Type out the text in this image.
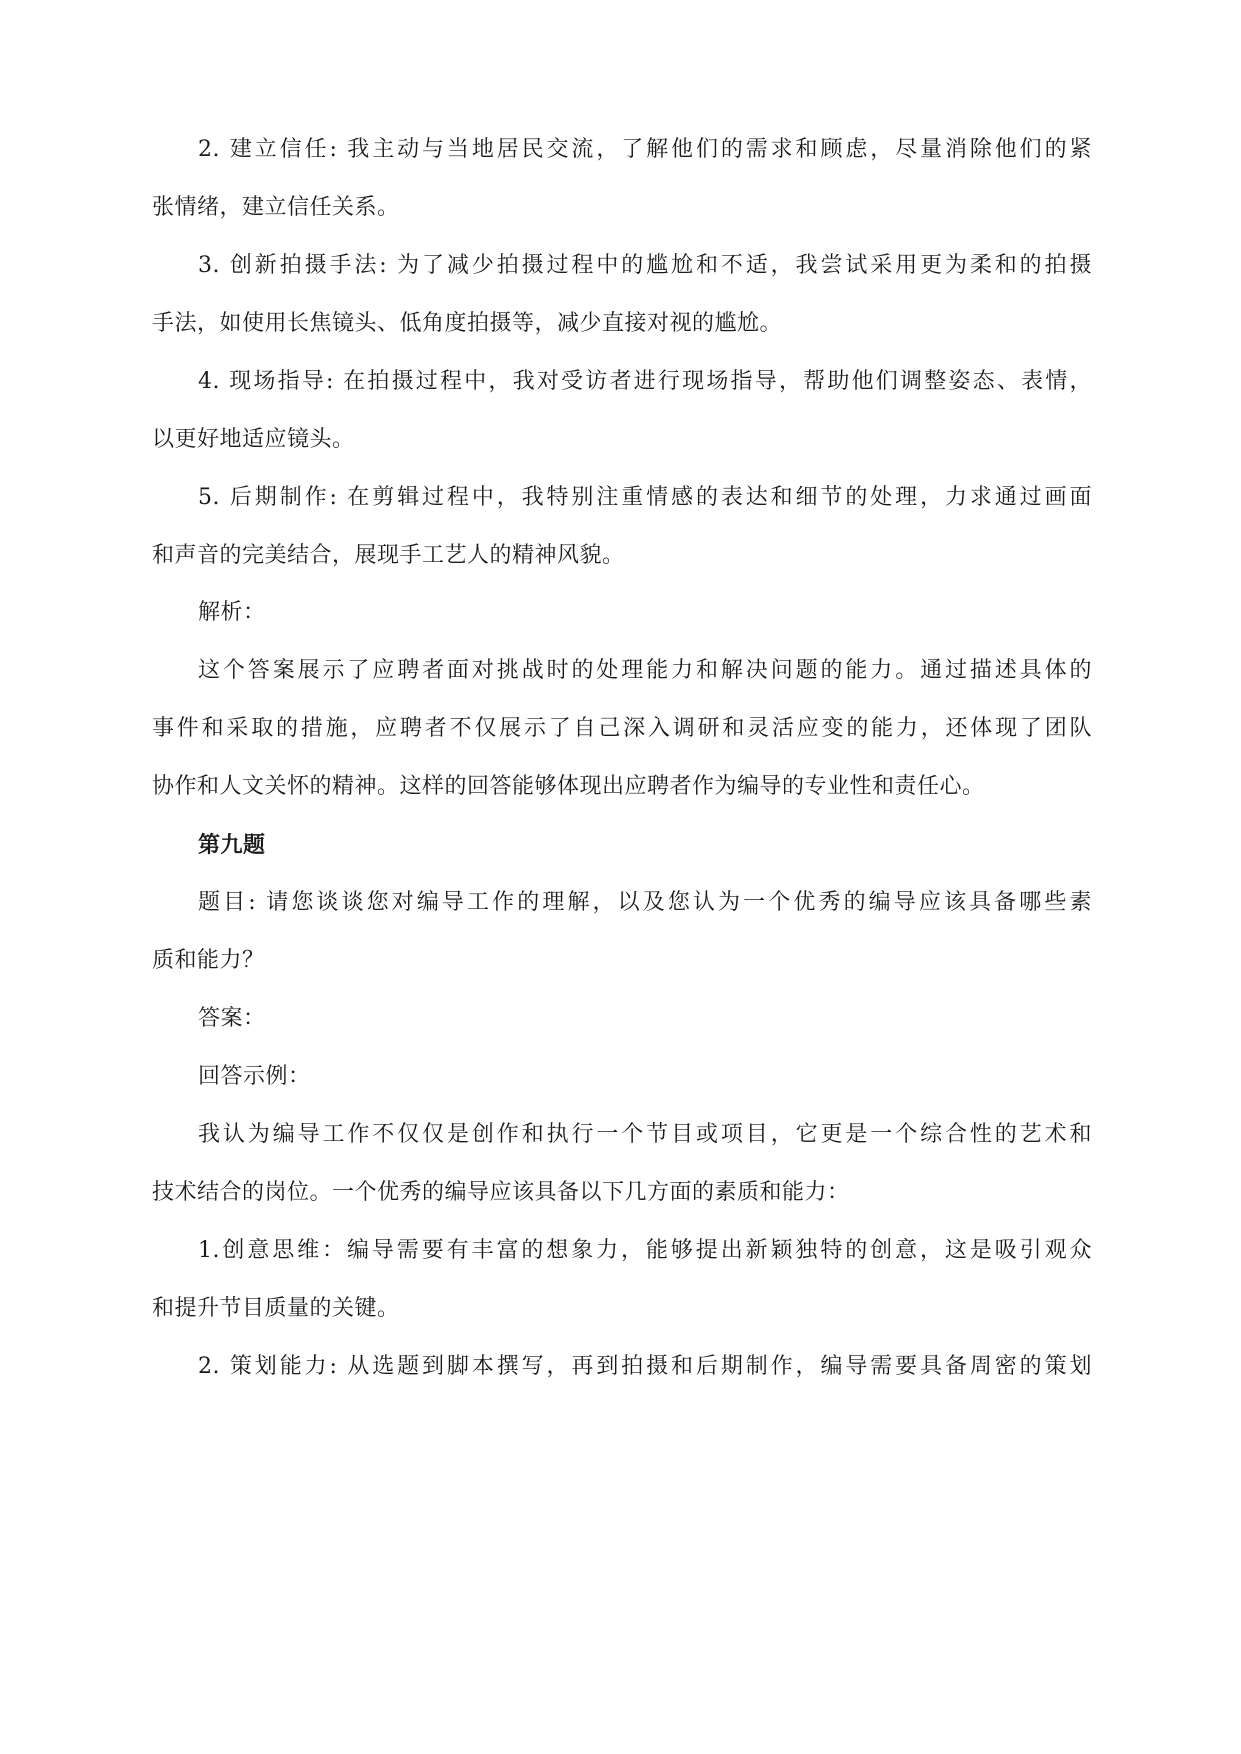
2. 建立信任: 我主动与当地居民交流，了解他们的需求和顾虑，尽量消除他们的紧
张情绪，建立信任关系。
3. 创新拍摄手法: 为了减少拍摄过程中的尴尬和不适，我尝试采用更为柔和的拍摄
手法，如使用长焦镜头、低角度拍摄等，减少直接对视的尴尬。
4. 现场指导: 在拍摄过程中，我对受访者进行现场指导，帮助他们调整姿态、表情，
以更好地适应镜头。
5. 后期制作: 在剪辑过程中，我特别注重情感的表达和细节的处理，力求通过画面
和声音的完美结合，展现手工艺人的精神风貌。
解析：
这个答案展示了应聘者面对挑战时的处理能力和解决问题的能力。通过描述具体的
事件和采取的措施，应聘者不仅展示了自己深入调研和灵活应变的能力，还体现了团队
协作和人文关怀的精神。这样的回答能够体现出应聘者作为编导的专业性和责任心。
第九题
题目: 请您谈谈您对编导工作的理解，以及您认为一个优秀的编导应该具备哪些素
质和能力？
答案：
回答示例：
我认为编导工作不仅仅是创作和执行一个节目或项目，它更是一个综合性的艺术和
技术结合的岗位。一个优秀的编导应该具备以下几方面的素质和能力：
1.创意思维：编导需要有丰富的想象力，能够提出新颖独特的创意，这是吸引观众
和提升节目质量的关键。
2. 策划能力: 从选题到脚本撰写，再到拍摄和后期制作，编导需要具备周密的策划
